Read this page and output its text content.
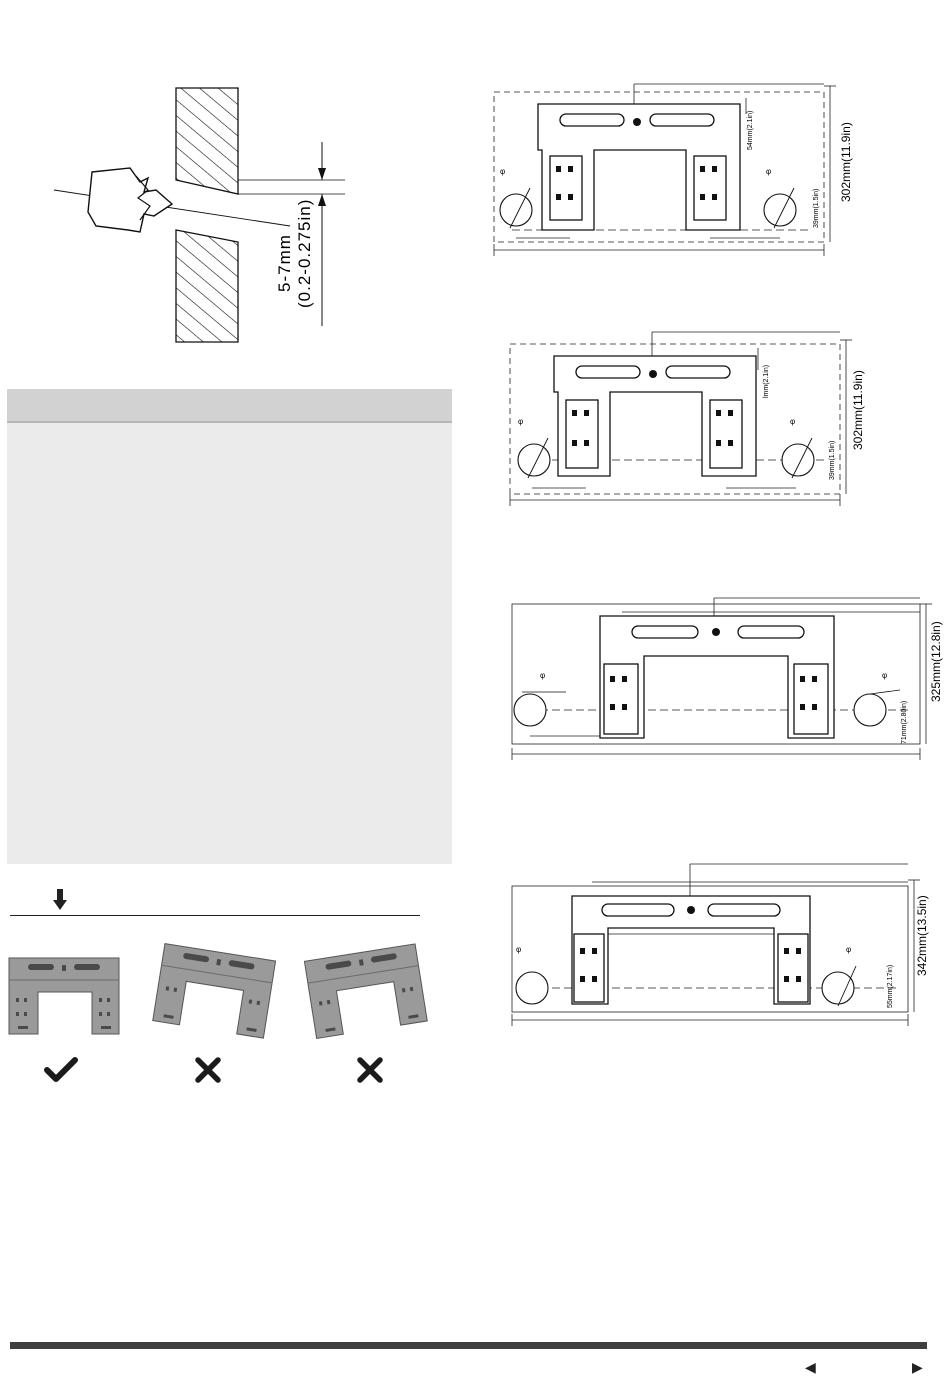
5-7mm (0.2-0.275in)
φ	φ	302mm(11.9in)
54mm(2.1in)
39mm(1.5in)
φ	φ	302mm(11.9in)
lmm(2.1in)
39mm(1.5in)
φ	φ	325mm(12.8in)
71mm(2.80in)
φ	φ	342mm(13.5in)
55mm(2.17in)
◀	▶
